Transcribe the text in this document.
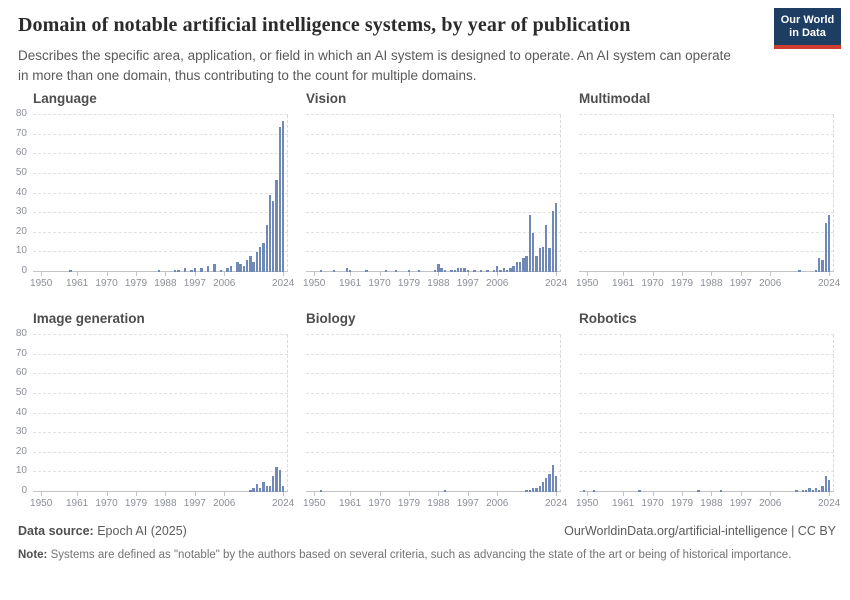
Domain of notable artificial intelligence systems, by year of publication
Describes the specific area, application, or field in which an AI system is designed to operate. An AI system can operate in more than one domain, thus contributing to the count for multiple domains.
Our World
in Data
Language
0
10
20
30
40
50
60
70
80
1950 1961 1970 1979 1988 1997 2006	2024
Vision
1950 1961 1970 1979 1988 1997 2006	2024
Multimodal
1950 1961 1970 1979 1988 1997 2006	2024
Image generation
0
10
20
30
40
50
60
70
80
1950 1961 1970 1979 1988 1997 2006	2024
Biology
1950 1961 1970 1979 1988 1997 2006	2024
Robotics
1950 1961 1970 1979 1988 1997 2006	2024
Data source: Epoch AI (2025)	OurWorldinData.org/artificial-intelligence | CC BY
Note: Systems are defined as "notable" by the authors based on several criteria, such as advancing the state of the art or being of historical importance.
